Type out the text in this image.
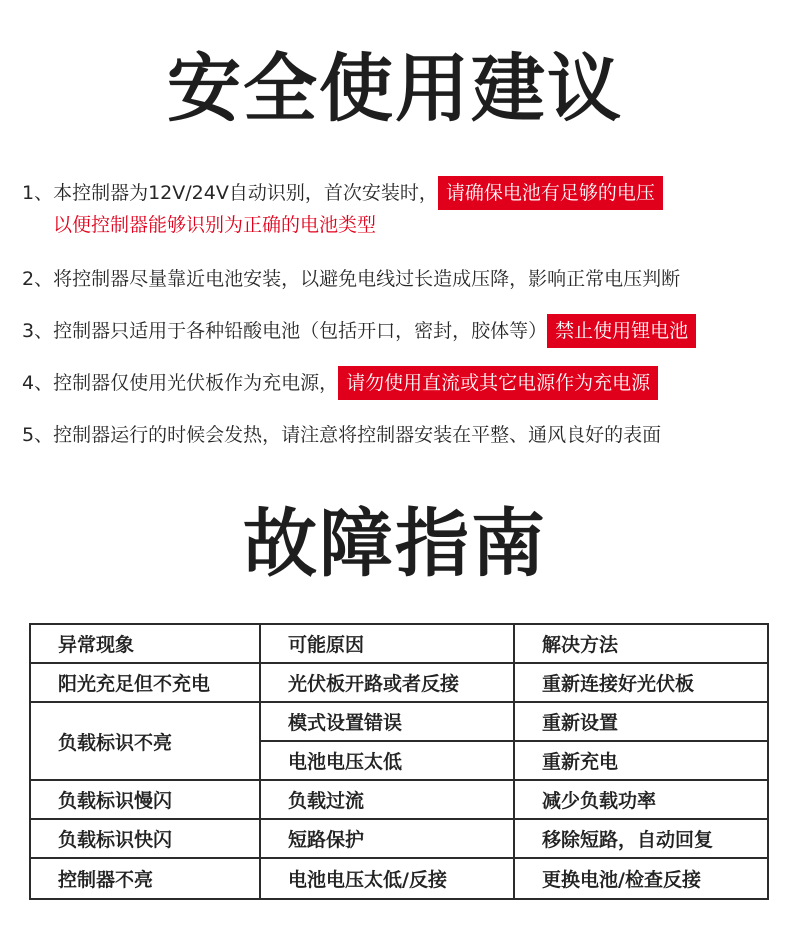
安全使用建议
1、本控制器为12V/24V自动识别，首次安装时， 请确保电池有足够的电压
以便控制器能够识别为正确的电池类型
2、将控制器尽量靠近电池安装，以避免电线过长造成压降，影响正常电压判断
3、控制器只适用于各种铅酸电池（包括开口，密封，胶体等） 禁止使用锂电池
4、控制器仅使用光伏板作为充电源， 请勿使用直流或其它电源作为充电源
5、控制器运行的时候会发热，请注意将控制器安装在平整、通风良好的表面
故障指南
异常现象	可能原因	解决方法
阳光充足但不充电	光伏板开路或者反接	重新连接好光伏板
负载标识不亮	模式设置错误	重新设置
	电池电压太低	重新充电
负载标识慢闪	负载过流	减少负载功率
负载标识快闪	短路保护	移除短路，自动回复
控制器不亮	电池电压太低/反接	更换电池/检查反接
